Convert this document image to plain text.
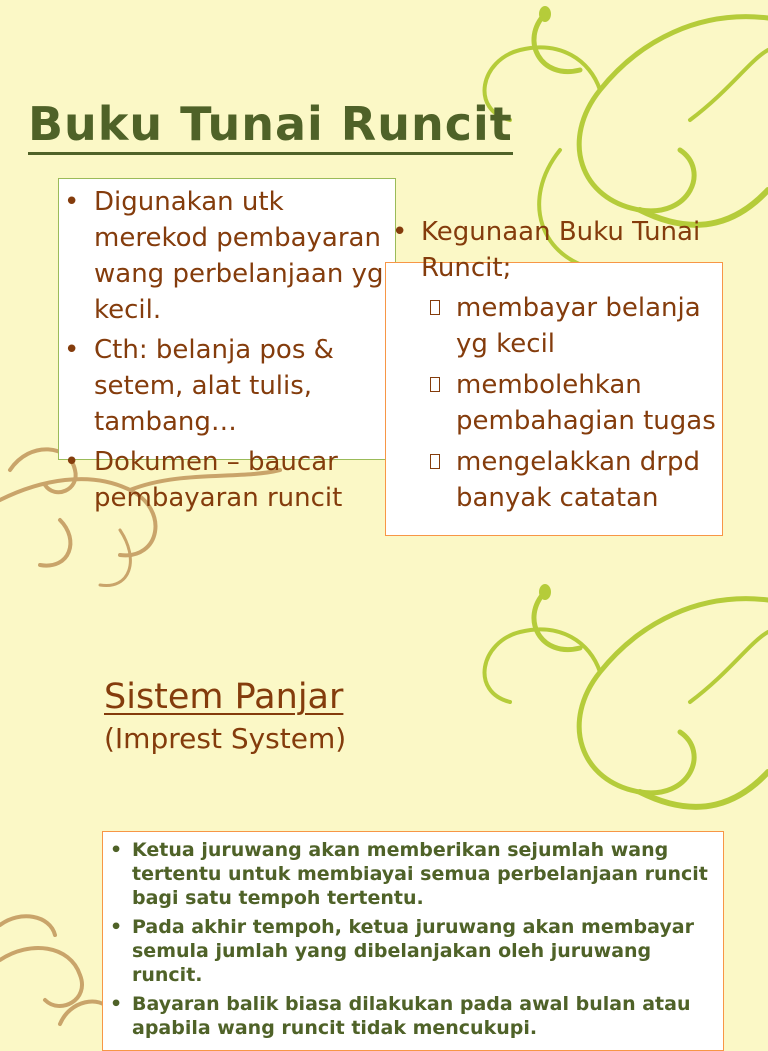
Buku Tunai Runcit
• Digunakan utk merekod pembayaran wang perbelanjaan yg kecil.
• Cth: belanja pos & setem, alat tulis, tambang…
• Dokumen – baucar pembayaran runcit
• Kegunaan Buku Tunai Runcit;
membayar belanja yg kecil
membolehkan pembahagian tugas
mengelakkan drpd banyak catatan
Sistem Panjar

(Imprest System)

• Ketua juruwang akan memberikan sejumlah wang tertentu untuk membiayai semua perbelanjaan runcit bagi satu tempoh tertentu.
• Pada akhir tempoh, ketua juruwang akan membayar semula jumlah yang dibelanjakan oleh juruwang runcit.
• Bayaran balik biasa dilakukan pada awal bulan atau apabila wang runcit tidak mencukupi.
